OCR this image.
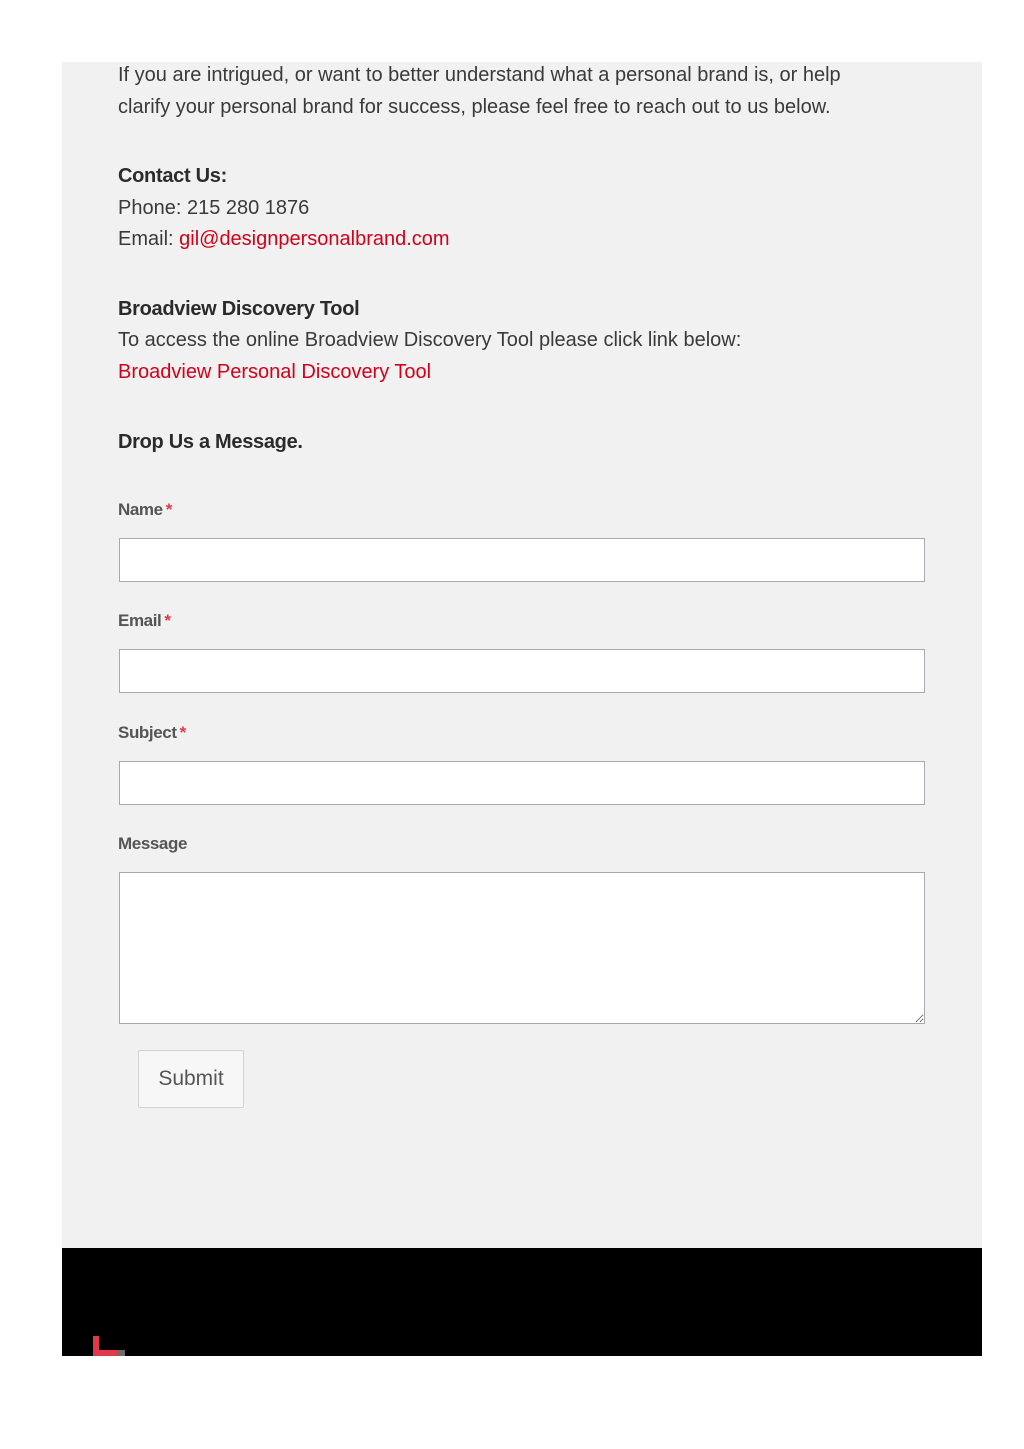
If you are intrigued, or want to better understand what a personal brand is, or help
clarify your personal brand for success, please feel free to reach out to us below.

Contact Us:

Phone: 215 280 1876

Email: gil@designpersonalbrand.com

Broadview Discovery Tool

To access the online Broadview Discovery Tool please click link below:

Broadview Personal Discovery Tool

Drop Us a Message.

Name *
Email *
Subject *
Message
Submit
